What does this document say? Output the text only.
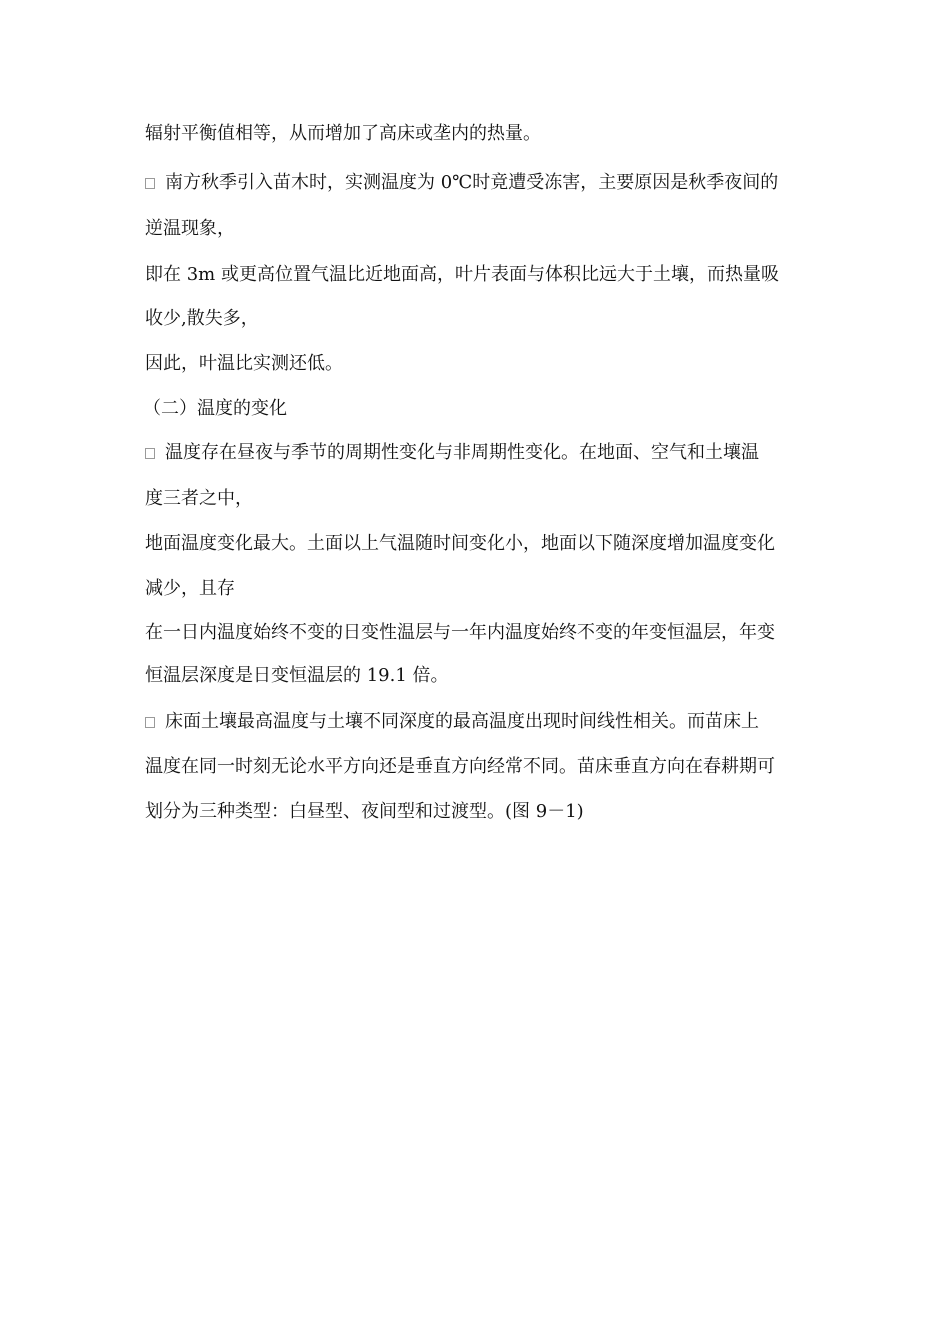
辐射平衡值相等，从而增加了高床或垄内的热量。
南方秋季引入苗木时，实测温度为 0℃时竟遭受冻害，主要原因是秋季夜间的
逆温现象，
即在 3m 或更高位置气温比近地面高，叶片表面与体积比远大于土壤，而热量吸
收少,散失多，
因此，叶温比实测还低。
（二）温度的变化
温度存在昼夜与季节的周期性变化与非周期性变化。在地面、空气和土壤温
度三者之中，
地面温度变化最大。土面以上气温随时间变化小，地面以下随深度增加温度变化
减少，且存
在一日内温度始终不变的日变性温层与一年内温度始终不变的年变恒温层，年变
恒温层深度是日变恒温层的 19.1 倍。
床面土壤最高温度与土壤不同深度的最高温度出现时间线性相关。而苗床上
温度在同一时刻无论水平方向还是垂直方向经常不同。苗床垂直方向在春耕期可
划分为三种类型：白昼型、夜间型和过渡型。(图 9－1)
